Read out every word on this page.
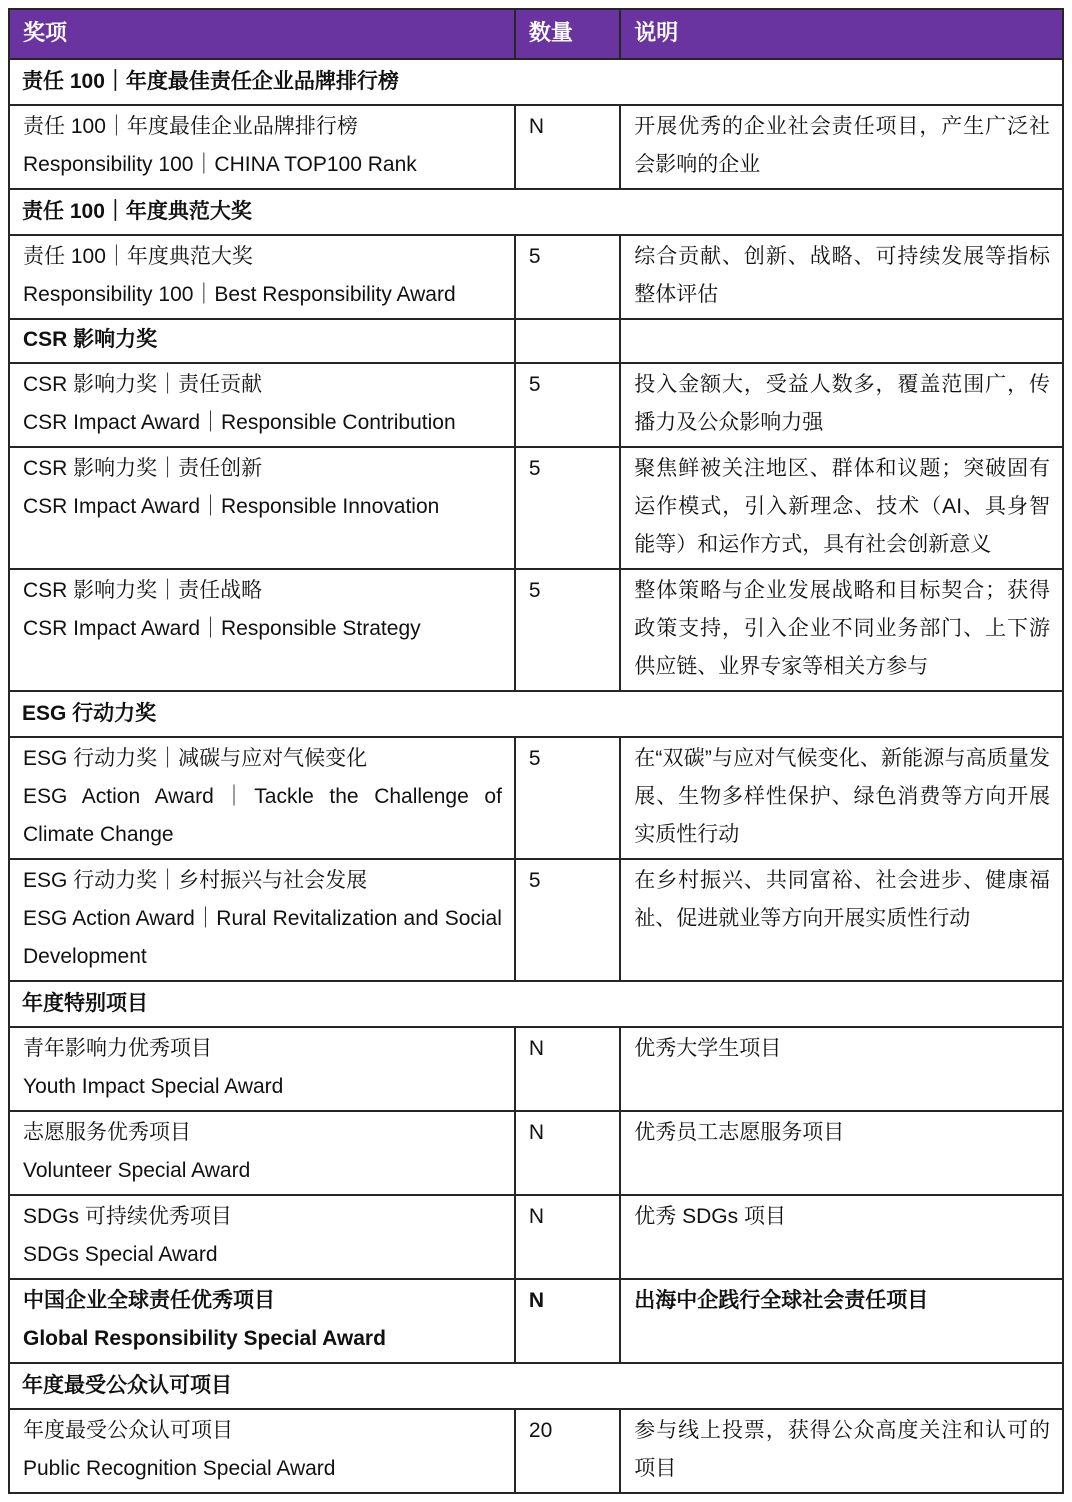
奖项	数量	说明
责任 100｜年度最佳责任企业品牌排行榜		

责任 100｜年度最佳企业品牌排行榜
Responsibility 100｜CHINA TOP100 Rank	N	开展优秀的企业社会责任项目，产生广泛社会影响的企业
责任 100｜年度典范大奖		

责任 100｜年度典范大奖
Responsibility 100｜Best Responsibility Award	5	综合贡献、创新、战略、可持续发展等指标整体评估
CSR 影响力奖		

CSR 影响力奖｜责任贡献
CSR Impact Award｜Responsible Contribution	5	投入金额大，受益人数多，覆盖范围广，传播力及公众影响力强

CSR 影响力奖｜责任创新
CSR Impact Award｜Responsible Innovation	5	聚焦鲜被关注地区、群体和议题；突破固有运作模式，引入新理念、技术（AI、具身智能等）和运作方式，具有社会创新意义

CSR 影响力奖｜责任战略
CSR Impact Award｜Responsible Strategy	5	整体策略与企业发展战略和目标契合；获得政策支持，引入企业不同业务部门、上下游供应链、业界专家等相关方参与
ESG 行动力奖		

ESG 行动力奖｜减碳与应对气候变化
ESG Action Award｜Tackle the Challenge of Climate Change	5	在“双碳”与应对气候变化、新能源与高质量发展、生物多样性保护、绿色消费等方向开展实质性行动

ESG 行动力奖｜乡村振兴与社会发展
ESG Action Award｜Rural Revitalization and Social Development	5	在乡村振兴、共同富裕、社会进步、健康福祉、促进就业等方向开展实质性行动
年度特别项目		

青年影响力优秀项目
Youth Impact Special Award	N	优秀大学生项目

志愿服务优秀项目
Volunteer Special Award	N	优秀员工志愿服务项目

SDGs 可持续优秀项目
SDGs Special Award	N	优秀 SDGs 项目

中国企业全球责任优秀项目
Global Responsibility Special Award	N	出海中企践行全球社会责任项目
年度最受公众认可项目		

年度最受公众认可项目
Public Recognition Special Award	20	参与线上投票，获得公众高度关注和认可的项目
